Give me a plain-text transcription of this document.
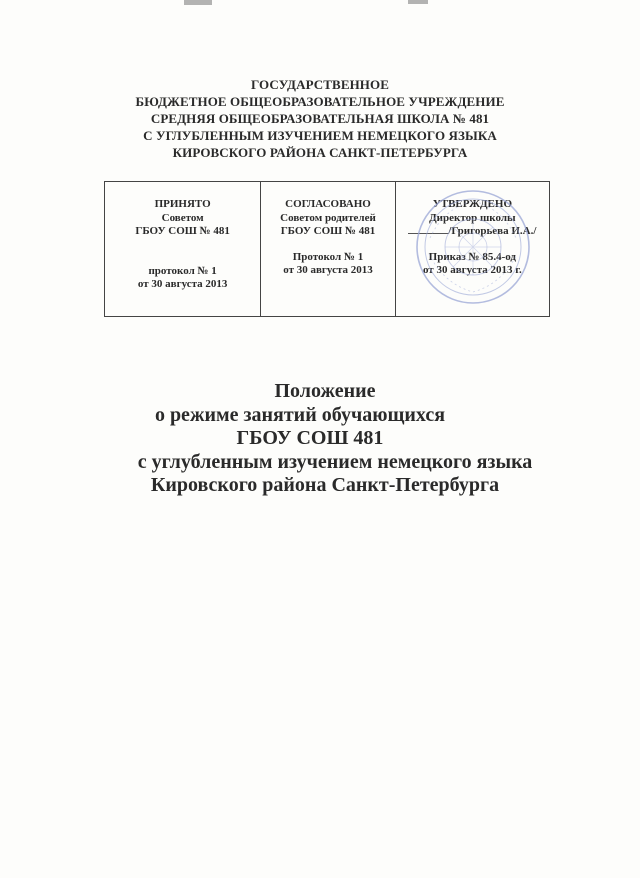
ГОСУДАРСТВЕННОЕ
БЮДЖЕТНОЕ ОБЩЕОБРАЗОВАТЕЛЬНОЕ УЧРЕЖДЕНИЕ
СРЕДНЯЯ ОБЩЕОБРАЗОВАТЕЛЬНАЯ ШКОЛА № 481
С УГЛУБЛЕННЫМ ИЗУЧЕНИЕМ НЕМЕЦКОГО ЯЗЫКА
КИРОВСКОГО РАЙОНА САНКТ-ПЕТЕРБУРГА
ПРИНЯТО
Советом
ГБОУ СОШ № 481
протокол № 1
от 30 августа 2013
СОГЛАСОВАНО
Советом родителей
ГБОУ СОШ № 481
Протокол № 1
от 30 августа 2013
УТВЕРЖДЕНО
Директор школы
/Григорьева И.А./
Приказ № 85.4-од
от 30 августа 2013 г.
Положение
о режиме занятий обучающихся
ГБОУ СОШ 481
с углубленным изучением немецкого языка
Кировского района Санкт-Петербурга
